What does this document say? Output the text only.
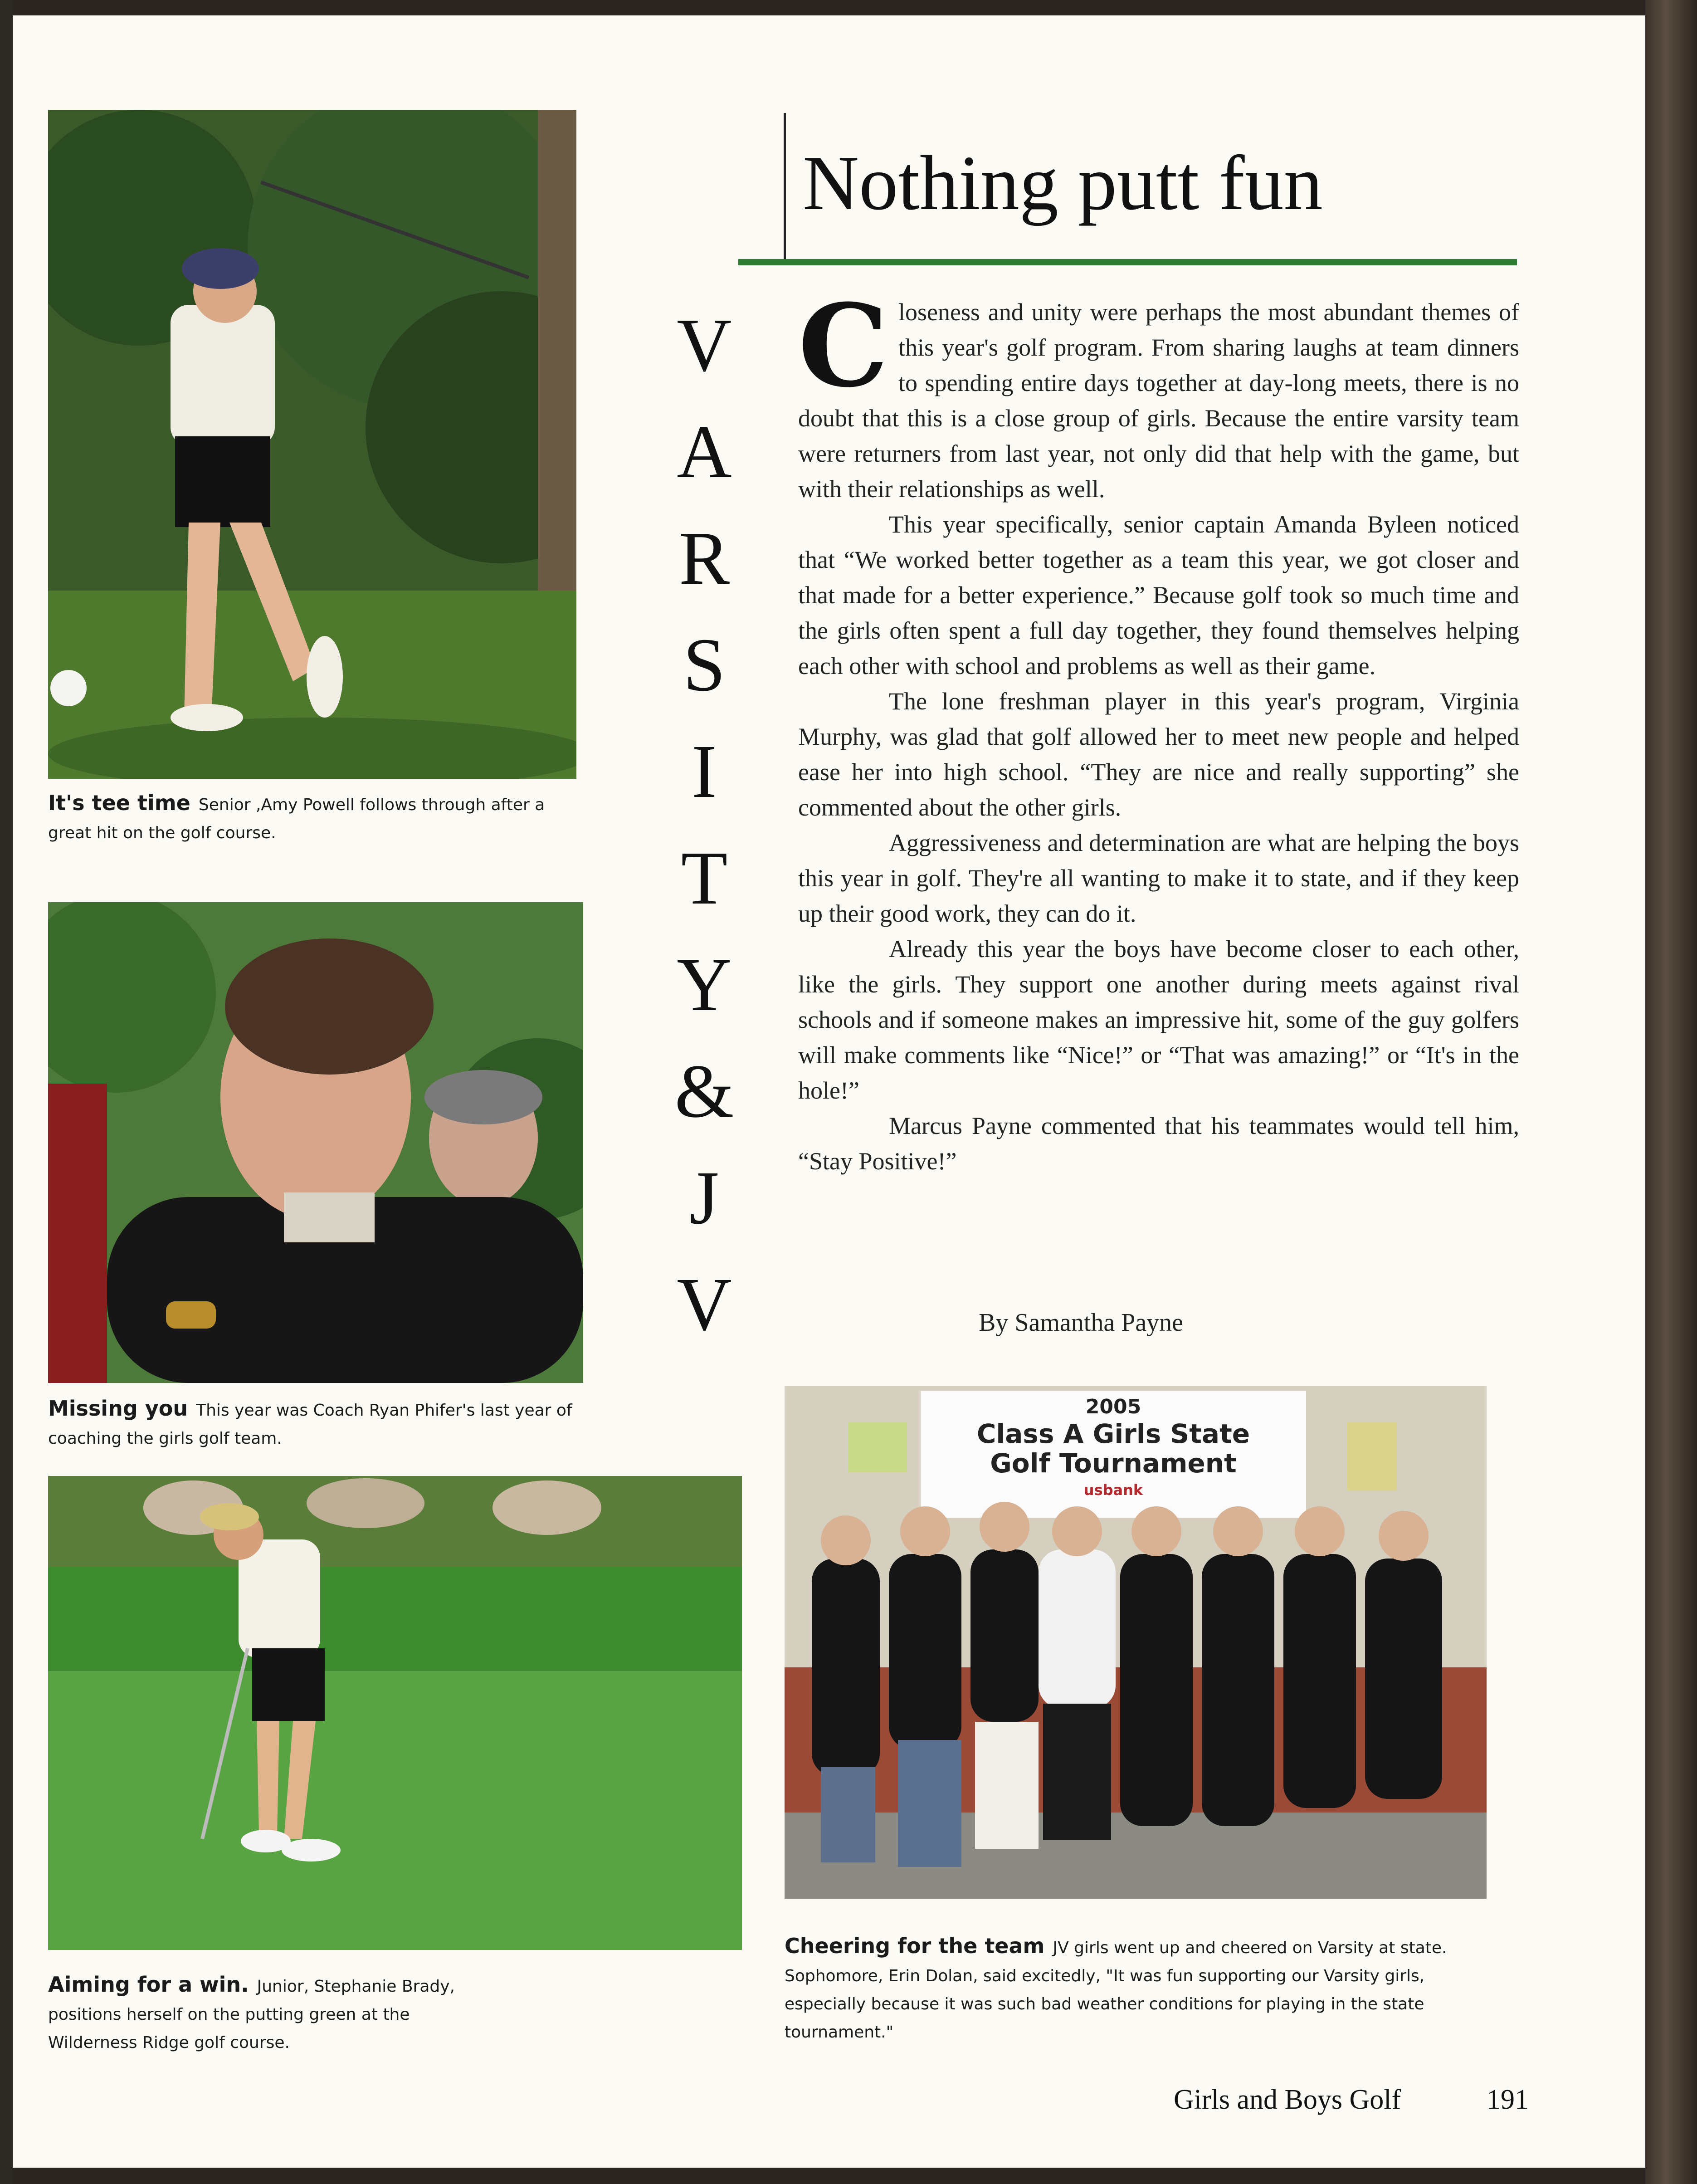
It's tee time Senior ,Amy Powell follows through after a great hit on the golf course.
Missing you This year was Coach Ryan Phifer's last year of coaching the girls golf team.
Aiming for a win. Junior, Stephanie Brady, positions herself on the putting green at the Wilderness Ridge golf course.
V
A
R
S
I
T
Y
&
J
V
Nothing putt fun
C loseness and unity were perhaps the most abundant themes of this year's golf program. From sharing laughs at team dinners to spending entire days together at day-long meets, there is no doubt that this is a close group of girls. Because the entire varsity team were returners from last year, not only did that help with the game, but with their relationships as well.

This year specifically, senior captain Amanda Byleen noticed that “We worked better together as a team this year, we got closer and that made for a better experience.” Because golf took so much time and the girls often spent a full day together, they found themselves helping each other with school and problems as well as their game.

The lone freshman player in this year's program, Virginia Murphy, was glad that golf allowed her to meet new people and helped ease her into high school. “They are nice and really supporting” she commented about the other girls.

Aggressiveness and determination are what are helping the boys this year in golf. They're all wanting to make it to state, and if they keep up their good work, they can do it.

Already this year the boys have become closer to each other, like the girls. They support one another during meets against rival schools and if someone makes an impressive hit, some of the guy golfers will make comments like “Nice!” or “That was amazing!” or “It's in the hole!”

Marcus Payne commented that his teammates would tell him, “Stay Positive!”

By Samantha Payne
2005
Class A Girls State
Golf Tournament
usbank
Cheering for the team JV girls went up and cheered on Varsity at state. Sophomore, Erin Dolan, said excitedly, "It was fun supporting our Varsity girls, especially because it was such bad weather conditions for playing in the state tournament."
Girls and Boys Golf	191
